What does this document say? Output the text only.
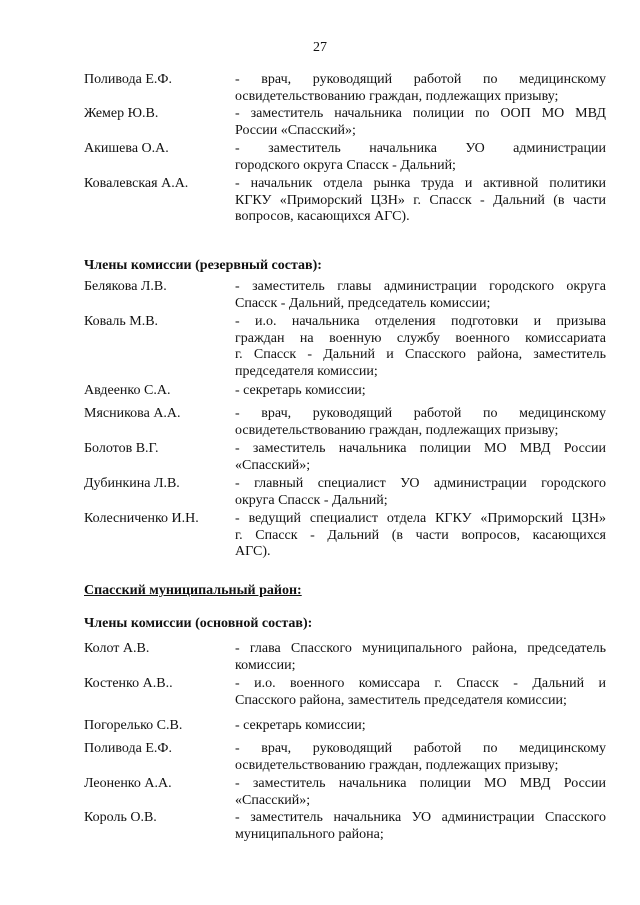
27
Поливода Е.Ф.	- врач, руководящий работой по медицинскому
освидетельствованию граждан, подлежащих призыву;
Жемер Ю.В.	- заместитель начальника полиции по ООП МО МВД
России «Спасский»;
Акишева О.А.	- заместитель начальника УО администрации
городского округа Спасск - Дальний;
Ковалевская А.А.	- начальник отдела рынка труда и активной политики
КГКУ «Приморский ЦЗН» г. Спасск - Дальний (в части
вопросов, касающихся АГС).
Члены комиссии (резервный состав):
Белякова Л.В.	- заместитель главы администрации городского округа
Спасск - Дальний, председатель комиссии;
Коваль М.В.	- и.о. начальника отделения подготовки и призыва
граждан на военную службу военного комиссариата
г. Спасск - Дальний и Спасского района, заместитель
председателя комиссии;
Авдеенко С.А.	- секретарь комиссии;
Мясникова А.А.	- врач, руководящий работой по медицинскому
освидетельствованию граждан, подлежащих призыву;
Болотов В.Г.	- заместитель начальника полиции МО МВД России
«Спасский»;
Дубинкина Л.В.	- главный специалист УО администрации городского
округа Спасск - Дальний;
Колесниченко И.Н.	- ведущий специалист отдела КГКУ «Приморский ЦЗН»
г. Спасск - Дальний (в части вопросов, касающихся
АГС).
Спасский муниципальный район:
Члены комиссии (основной состав):
Колот А.В.	- глава Спасского муниципального района, председатель
комиссии;
Костенко А.В..	- и.о. военного комиссара г. Спасск - Дальний и
Спасского района, заместитель председателя комиссии;
Погорелько С.В.	- секретарь комиссии;
Поливода Е.Ф.	- врач, руководящий работой по медицинскому
освидетельствованию граждан, подлежащих призыву;
Леоненко А.А.	- заместитель начальника полиции МО МВД России
«Спасский»;
Король О.В.	- заместитель начальника УО администрации Спасского
муниципального района;
